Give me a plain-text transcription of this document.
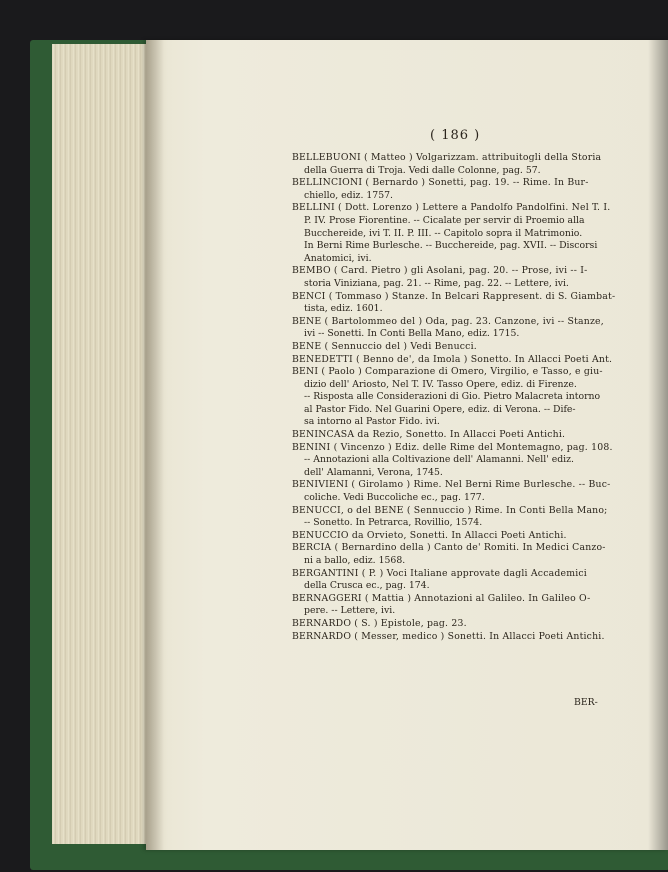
( 186 )
BELLEBUONI ( Matteo ) Volgarizzam. attribuitogli della Storia
della Guerra di Troja. Vedi dalle Colonne, pag. 57.
BELLINCIONI ( Bernardo ) Sonetti, pag. 19. -- Rime. In Bur-
chiello, ediz. 1757.
BELLINI ( Dott. Lorenzo ) Lettere a Pandolfo Pandolfini. Nel T. I.
P. IV. Prose Fiorentine. -- Cicalate per servir di Proemio alla
Bucchereide, ivi T. II. P. III. -- Capitolo sopra il Matrimonio.
In Berni Rime Burlesche. -- Bucchereide, pag. XVII. -- Discorsi
Anatomici, ivi.
BEMBO ( Card. Pietro ) gli Asolani, pag. 20. -- Prose, ivi -- I-
storia Viniziana, pag. 21. -- Rime, pag. 22. -- Lettere, ivi.
BENCI ( Tommaso ) Stanze. In Belcari Rappresent. di S. Giambat-
tista, ediz. 1601.
BENE ( Bartolommeo del ) Oda, pag. 23. Canzone, ivi -- Stanze,
ivi -- Sonetti. In Conti Bella Mano, ediz. 1715.
BENE ( Sennuccio del ) Vedi Benucci.
BENEDETTI ( Benno de', da Imola ) Sonetto. In Allacci Poeti Ant.
BENI ( Paolo ) Comparazione di Omero, Virgilio, e Tasso, e giu-
dizio dell' Ariosto, Nel T. IV. Tasso Opere, ediz. di Firenze.
-- Risposta alle Considerazioni di Gio. Pietro Malacreta intorno
al Pastor Fido. Nel Guarini Opere, ediz. di Verona. -- Dife-
sa intorno al Pastor Fido. ivi.
BENINCASA da Rezio, Sonetto. In Allacci Poeti Antichi.
BENINI ( Vincenzo ) Ediz. delle Rime del Montemagno, pag. 108.
-- Annotazioni alla Coltivazione dell' Alamanni. Nell' ediz.
dell' Alamanni, Verona, 1745.
BENIVIENI ( Girolamo ) Rime. Nel Berni Rime Burlesche. -- Buc-
coliche. Vedi Buccoliche ec., pag. 177.
BENUCCI, o del BENE ( Sennuccio ) Rime. In Conti Bella Mano;
-- Sonetto. In Petrarca, Rovillio, 1574.
BENUCCIO da Orvieto, Sonetti. In Allacci Poeti Antichi.
BERCIA ( Bernardino della ) Canto de' Romiti. In Medici Canzo-
ni a ballo, ediz. 1568.
BERGANTINI ( P. ) Voci Italiane approvate dagli Accademici
della Crusca ec., pag. 174.
BERNAGGERI ( Mattia ) Annotazioni al Galileo. In Galileo O-
pere. -- Lettere, ivi.
BERNARDO ( S. ) Epistole, pag. 23.
BERNARDO ( Messer, medico ) Sonetti. In Allacci Poeti Antichi.
BER-
